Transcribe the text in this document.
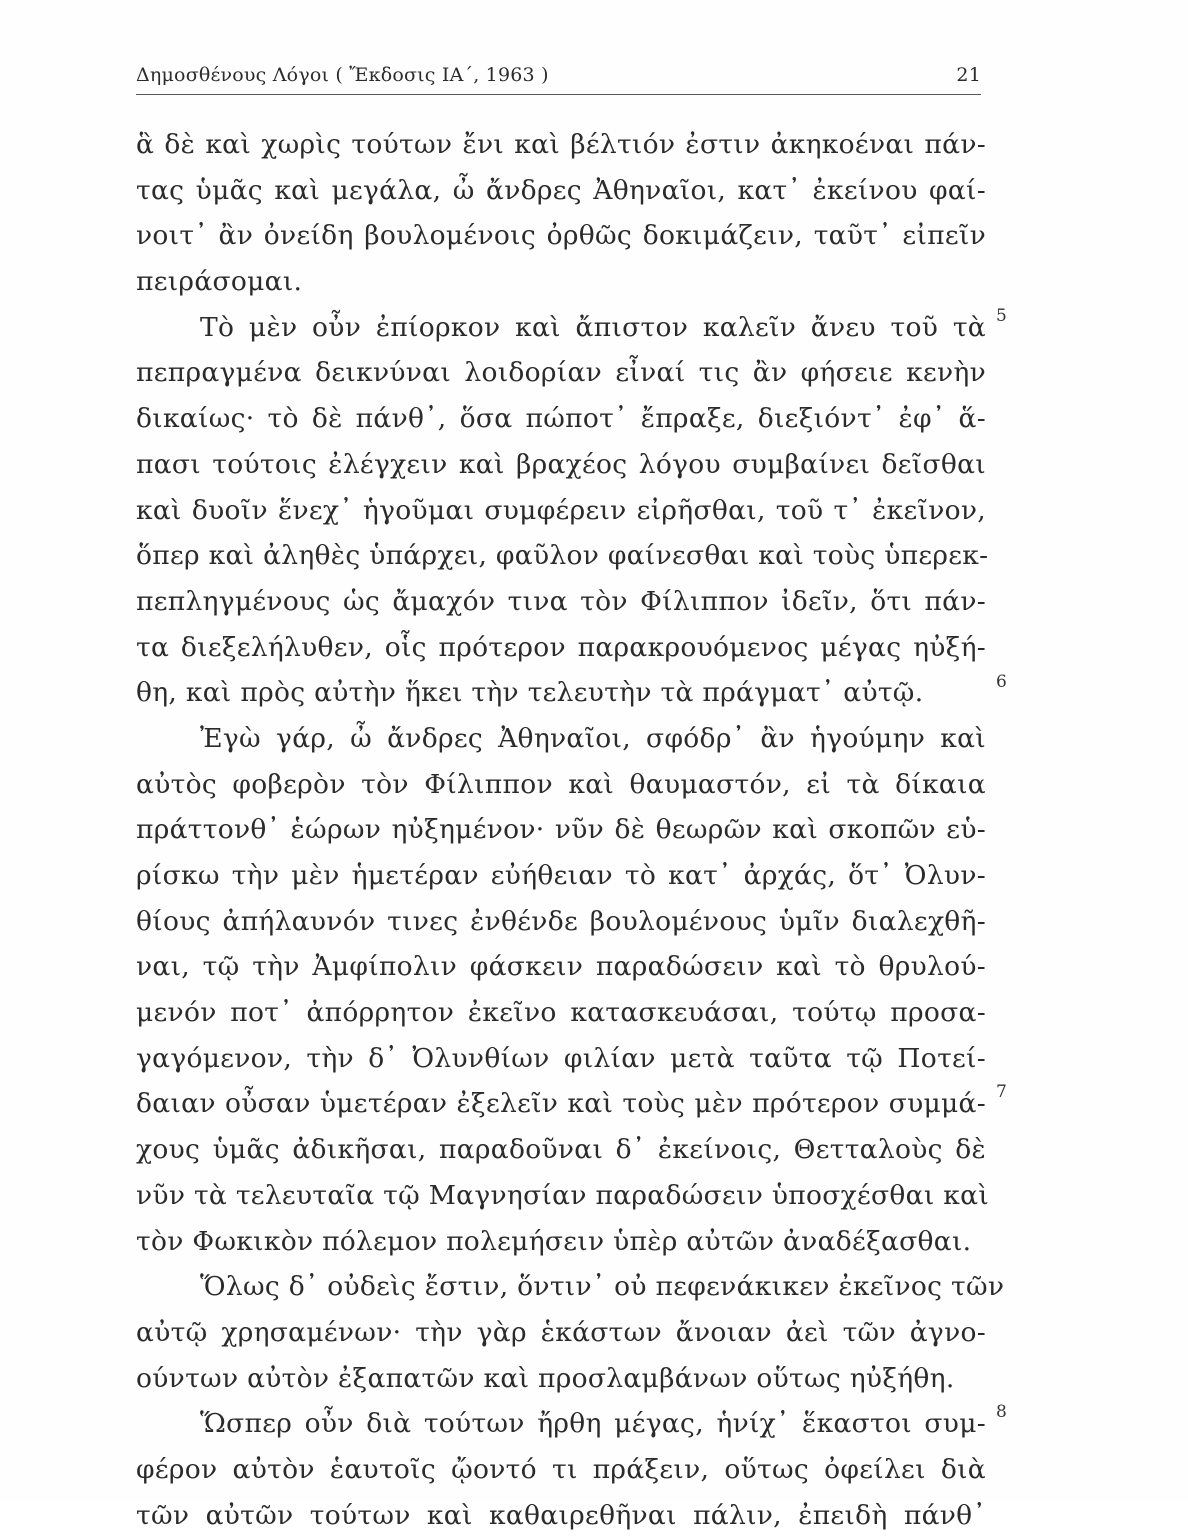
Δημοσθένους Λόγοι ( Ἔκδοσις ΙΑ΄, 1963 )	21
ἃ δὲ καὶ χωρὶς τούτων ἔνι καὶ βέλτιόν ἐστιν ἀκηκοέναι πάν-
τας ὑμᾶς καὶ μεγάλα, ὦ ἄνδρες Ἀθηναῖοι, κατ᾽ ἐκείνου φαί-
νοιτ᾽ ἂν ὀνείδη βουλομένοις ὀρθῶς δοκιμάζειν, ταῦτ᾽ εἰπεῖν
πειράσομαι.
Τὸ μὲν οὖν ἐπίορκον καὶ ἄπιστον καλεῖν ἄνευ τοῦ τὰ
πεπραγμένα δεικνύναι λοιδορίαν εἶναί τις ἂν φήσειε κενὴν
δικαίως· τὸ δὲ πάνθ᾽, ὅσα πώποτ᾽ ἔπραξε, διεξιόντ᾽ ἐφ᾽ ἅ-
πασι τούτοις ἐλέγχειν καὶ βραχέος λόγου συμβαίνει δεῖσθαι
καὶ δυοῖν ἕνεχ᾽ ἡγοῦμαι συμφέρειν εἰρῆσθαι, τοῦ τ᾽ ἐκεῖνον,
ὅπερ καὶ ἀληθὲς ὑπάρχει, φαῦλον φαίνεσθαι καὶ τοὺς ὑπερεκ-
πεπληγμένους ὡς ἄμαχόν τινα τὸν Φίλιππον ἰδεῖν, ὅτι πάν-
τα διεξελήλυθεν, οἷς πρότερον παρακρουόμενος μέγας ηὐξή-
θη, καὶ πρὸς αὐτὴν ἥκει τὴν τελευτὴν τὰ πράγματ᾽ αὐτῷ.
Ἐγὼ γάρ, ὦ ἄνδρες Ἀθηναῖοι, σφόδρ᾽ ἂν ἡγούμην καὶ
αὐτὸς φοβερὸν τὸν Φίλιππον καὶ θαυμαστόν, εἰ τὰ δίκαια
πράττονθ᾽ ἑώρων ηὐξημένον· νῦν δὲ θεωρῶν καὶ σκοπῶν εὑ-
ρίσκω τὴν μὲν ἡμετέραν εὐήθειαν τὸ κατ᾽ ἀρχάς, ὅτ᾽ Ὀλυν-
θίους ἀπήλαυνόν τινες ἐνθένδε βουλομένους ὑμῖν διαλεχθῆ-
ναι, τῷ τὴν Ἀμφίπολιν φάσκειν παραδώσειν καὶ τὸ θρυλού-
μενόν ποτ᾽ ἀπόρρητον ἐκεῖνο κατασκευάσαι, τούτῳ προσα-
γαγόμενον, τὴν δ᾽ Ὀλυνθίων φιλίαν μετὰ ταῦτα τῷ Ποτεί-
δαιαν οὖσαν ὑμετέραν ἐξελεῖν καὶ τοὺς μὲν πρότερον συμμά-
χους ὑμᾶς ἀδικῆσαι, παραδοῦναι δ᾽ ἐκείνοις, Θετταλοὺς δὲ
νῦν τὰ τελευταῖα τῷ Μαγνησίαν παραδώσειν ὑποσχέσθαι καὶ
τὸν Φωκικὸν πόλεμον πολεμήσειν ὑπὲρ αὐτῶν ἀναδέξασθαι.
Ὅλως δ᾽ οὐδεὶς ἔστιν, ὅντιν᾽ οὐ πεφενάκικεν ἐκεῖνος τῶν
αὐτῷ χρησαμένων· τὴν γὰρ ἑκάστων ἄνοιαν ἀεὶ τῶν ἀγνο-
ούντων αὐτὸν ἐξαπατῶν καὶ προσλαμβάνων οὕτως ηὐξήθη.
Ὥσπερ οὖν διὰ τούτων ἤρθη μέγας, ἡνίχ᾽ ἕκαστοι συμ-
φέρον αὐτὸν ἑαυτοῖς ᾤοντό τι πράξειν, οὕτως ὀφείλει διὰ
τῶν αὐτῶν τούτων καὶ καθαιρεθῆναι πάλιν, ἐπειδὴ πάνθ᾽
5
6
7
8
